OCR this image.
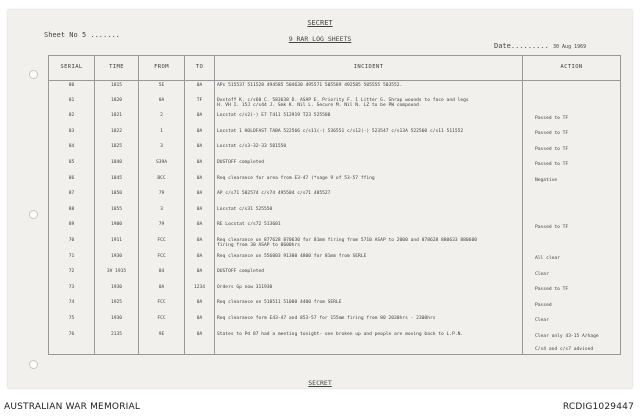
SECRET
9 RAR LOG SHEETS
Sheet No 5 .......
Date......... 30 Aug 1969
SERIAL	TIME	FROM	TO	INCIDENT	ACTION
80	1815	5E	0A	APs 515537 511528 494585 504630 495571 505589 492585 505555 503552.	

81	1820	0A	TF	Dustoff K. c/s60 C. 583638 D. ASAP E. Priority F. 1 Litter G. Shrap wounds to face and legs
H. VH I. 15J c/s44 J. Smk K. Nil L. Secure M. Nil N. LZ to be PW compound	

82	1821	2	0A	Locstat c/s2(-) E7 T411 512919 T23 525588	Passed to TF
83	1822	1	0A	Locstat 1 HOLDFAST TABA 522566 c/s11(-) 536551 c/s12(-) 523547 c/s13A 522560 c/s11 511552	Passed to TF
84	1825	3	0A	Locstat c/s3-32-33 501550	Passed to TF
85	1840	S39A	0A	DUSTOFF completed	Passed to TF
86	1845	BCC	0A	Req clearance for area from E3-47 (*sage 9 of 53-57 ffing	Negative
87	1850	79	0A	AP c/s71 502574 c/s74 495504 c/s71 485527	

88	1855	3	0A	Locstat c/s31 525550	

89	1900	79	0A	RE Locstat c/s72 513601	Passed to TF
70	1911	FCC	0A	Req clearance on 877628 870630 for 81mm firing from 5710 ASAP to 2000 and 878628 880633 880600
firing from 30 ASAP to 0600hrs	

71	1930	FCC	0A	Req clearance on 556003 91300 4800 for 81mm from SERLE	All clear
72	3V 1915	84	0A	DUSTOFF completed	Clear
73	1930	0A	1234	Orders Gp now 311930	Passed to TF
74	1925	FCC	0A	Req clearance on 518511 51000 4400 from SERLE	Passed
75	1930	FCC	0A	Req clearance form E43-47 and 853-57 for 155mm firing from 80 2030hrs - 2300hrs	Clear
76	2135	9E	0A	States to Pd 87 had a meeting tonight- one broken up and people are moving back to L.P.N.	Clear only 43-15 A/hage

	C/s4 and c/s7 advised
SECRET
AUSTRALIAN WAR MEMORIAL	RCDIG1029447
